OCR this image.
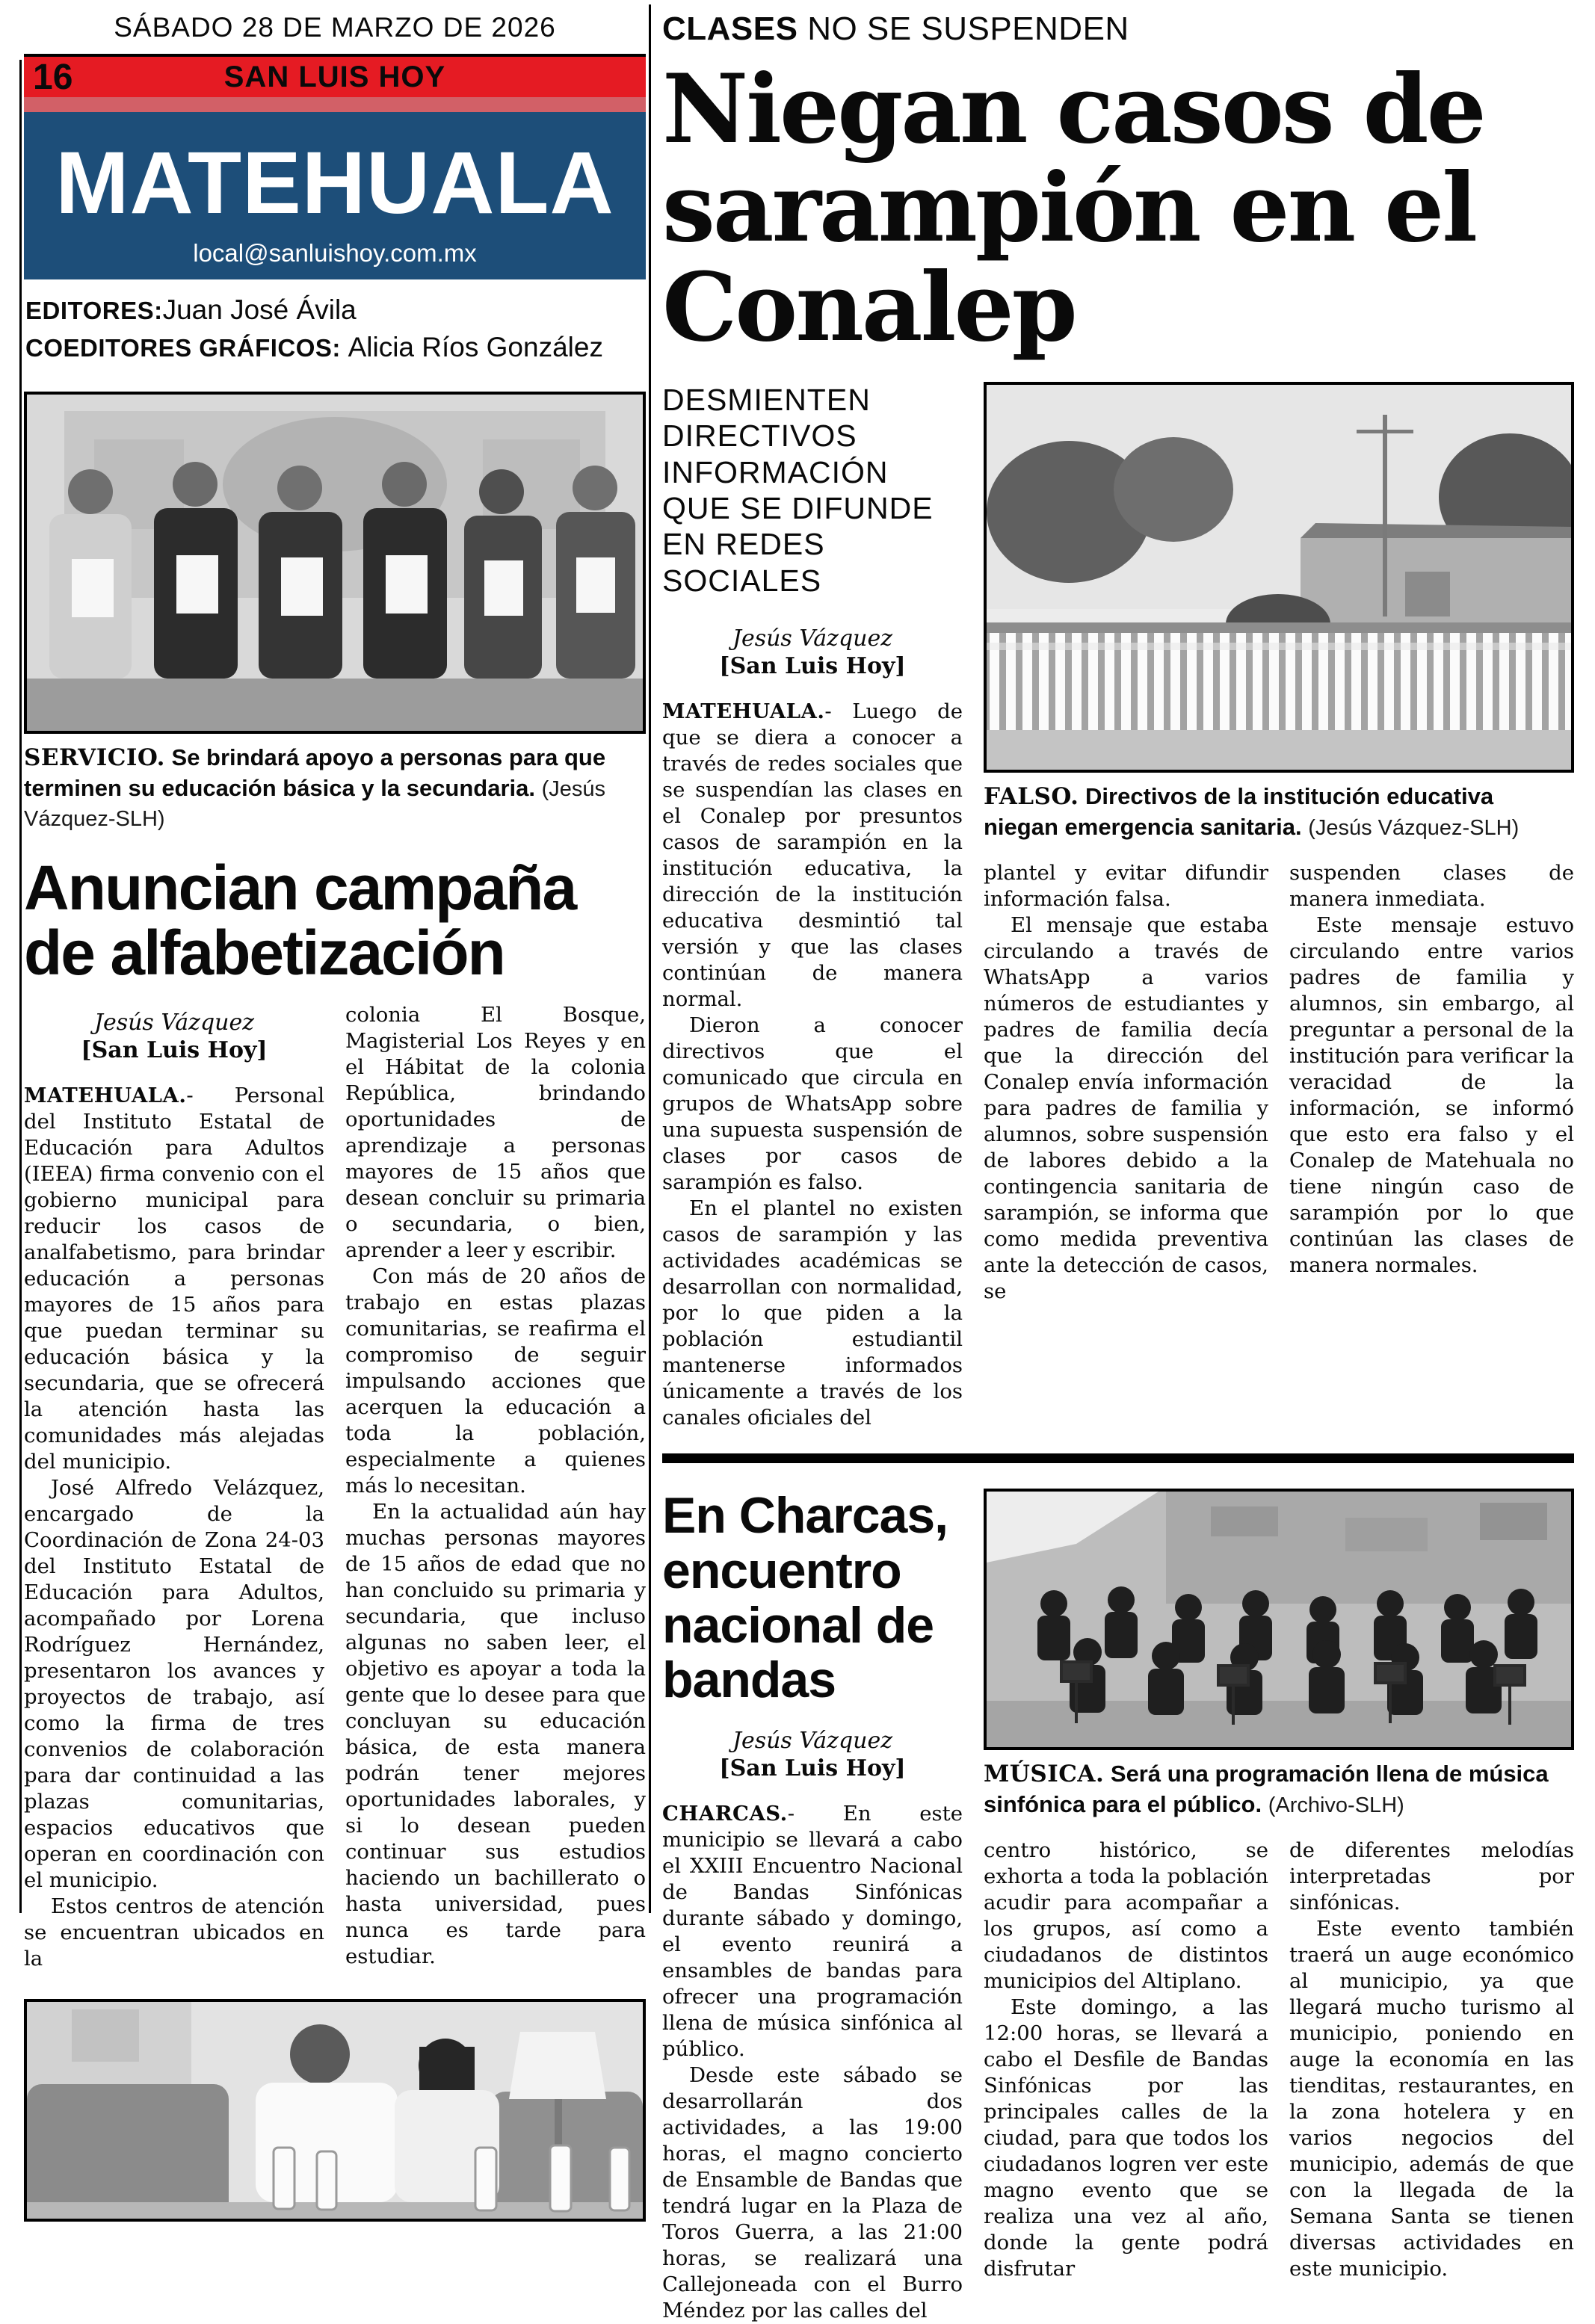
SÁBADO 28 DE MARZO DE 2026
16	SAN LUIS HOY
MATEHUALA
local@sanluishoy.com.mx
EDITORES:Juan José Ávila
COEDITORES GRÁFICOS: Alicia Ríos González
SERVICIO. Se brindará apoyo a personas para que terminen su educación básica y la secundaria. (Jesús Vázquez-SLH)
Anuncian campaña de alfabetización
Jesús Vázquez
[San Luis Hoy]

MATEHUALA.- Personal del Instituto Estatal de Educación para Adultos (IEEA) firma convenio con el gobierno municipal para reducir los casos de analfabetismo, para brindar educación a personas mayores de 15 años para que puedan terminar su educación básica y la secundaria, que se ofrecerá la atención hasta las comunidades más alejadas del municipio.

José Alfredo Velázquez, encargado de la Coordinación de Zona 24-03 del Instituto Estatal de Educación para Adultos, acompañado por Lorena Rodríguez Hernández, presentaron los avances y proyectos de trabajo, así como la firma de tres convenios de colaboración para dar continuidad a las plazas comunitarias, espacios educativos que operan en coordinación con el municipio.

Estos centros de atención se encuentran ubicados en la

colonia El Bosque, Magisterial Los Reyes y en el Hábitat de la colonia República, brindando oportunidades de aprendizaje a personas mayores de 15 años que desean concluir su primaria o secundaria, o bien, aprender a leer y escribir.

Con más de 20 años de trabajo en estas plazas comunitarias, se reafirma el compromiso de seguir impulsando acciones que acerquen la educación a toda la población, especialmente a quienes más lo necesitan.

En la actualidad aún hay muchas personas mayores de 15 años de edad que no han concluido su primaria y secundaria, que incluso algunas no saben leer, el objetivo es apoyar a toda la gente que lo desee para que concluyan su educación básica, de esta manera podrán tener mejores oportunidades laborales, y si lo desean pueden continuar sus estudios haciendo un bachillerato o hasta universidad, pues nunca es tarde para estudiar.

CLASES NO SE SUSPENDEN
Niegan casos de sarampión en el Conalep
DESMIENTEN DIRECTIVOS INFORMACIÓN QUE SE DIFUNDE EN REDES SOCIALES
Jesús Vázquez
[San Luis Hoy]

MATEHUALA.- Luego de que se diera a conocer a través de redes sociales que se suspendían las clases en el Conalep por presuntos casos de sarampión en la institución educativa, la dirección de la institución educativa desmintió tal versión y que las clases continúan de manera normal.

Dieron a conocer directivos que el comunicado que circula en grupos de WhatsApp sobre una supuesta suspensión de clases por casos de sarampión es falso.

En el plantel no existen casos de sarampión y las actividades académicas se desarrollan con normalidad, por lo que piden a la población estudiantil mantenerse informados únicamente a través de los canales oficiales del

FALSO. Directivos de la institución educativa niegan emergencia sanitaria. (Jesús Vázquez-SLH)

plantel y evitar difundir información falsa.

El mensaje que estaba circulando a través de WhatsApp a varios números de estudiantes y padres de familia decía que la dirección del Conalep envía información para padres de familia y alumnos, sobre suspensión de labores debido a la contingencia sanitaria de sarampión, se informa que como medida preventiva ante la detección de casos, se

suspenden clases de manera inmediata.

Este mensaje estuvo circulando entre varios padres de familia y alumnos, sin embargo, al preguntar a personal de la institución para verificar la veracidad de la información, se informó que esto era falso y el Conalep de Matehuala no tiene ningún caso de sarampión por lo que continúan las clases de manera normales.

En Charcas, encuentro nacional de bandas
Jesús Vázquez
[San Luis Hoy]

CHARCAS.- En este municipio se llevará a cabo el XXIII Encuentro Nacional de Bandas Sinfónicas durante sábado y domingo, el evento reunirá a ensambles de bandas para ofrecer una programación llena de música sinfónica al público.

Desde este sábado se desarrollarán dos actividades, a las 19:00 horas, el magno concierto de Ensamble de Bandas que tendrá lugar en la Plaza de Toros Guerra, a las 21:00 horas, se realizará una Callejoneada con el Burro Méndez por las calles del

MÚSICA. Será una programación llena de música sinfónica para el público. (Archivo-SLH)

centro histórico, se exhorta a toda la población acudir para acompañar a los grupos, así como a ciudadanos de distintos municipios del Altiplano.

Este domingo, a las 12:00 horas, se llevará a cabo el Desfile de Bandas Sinfónicas por las principales calles de la ciudad, para que todos los ciudadanos logren ver este magno evento que se realiza una vez al año, donde la gente podrá disfrutar

de diferentes melodías interpretadas por sinfónicas.

Este evento también traerá un auge económico al municipio, ya que llegará mucho turismo al municipio, poniendo en auge la economía en las tienditas, restaurantes, en la zona hotelera y en varios negocios del municipio, además de que con la llegada de la Semana Santa se tienen diversas actividades en este municipio.
